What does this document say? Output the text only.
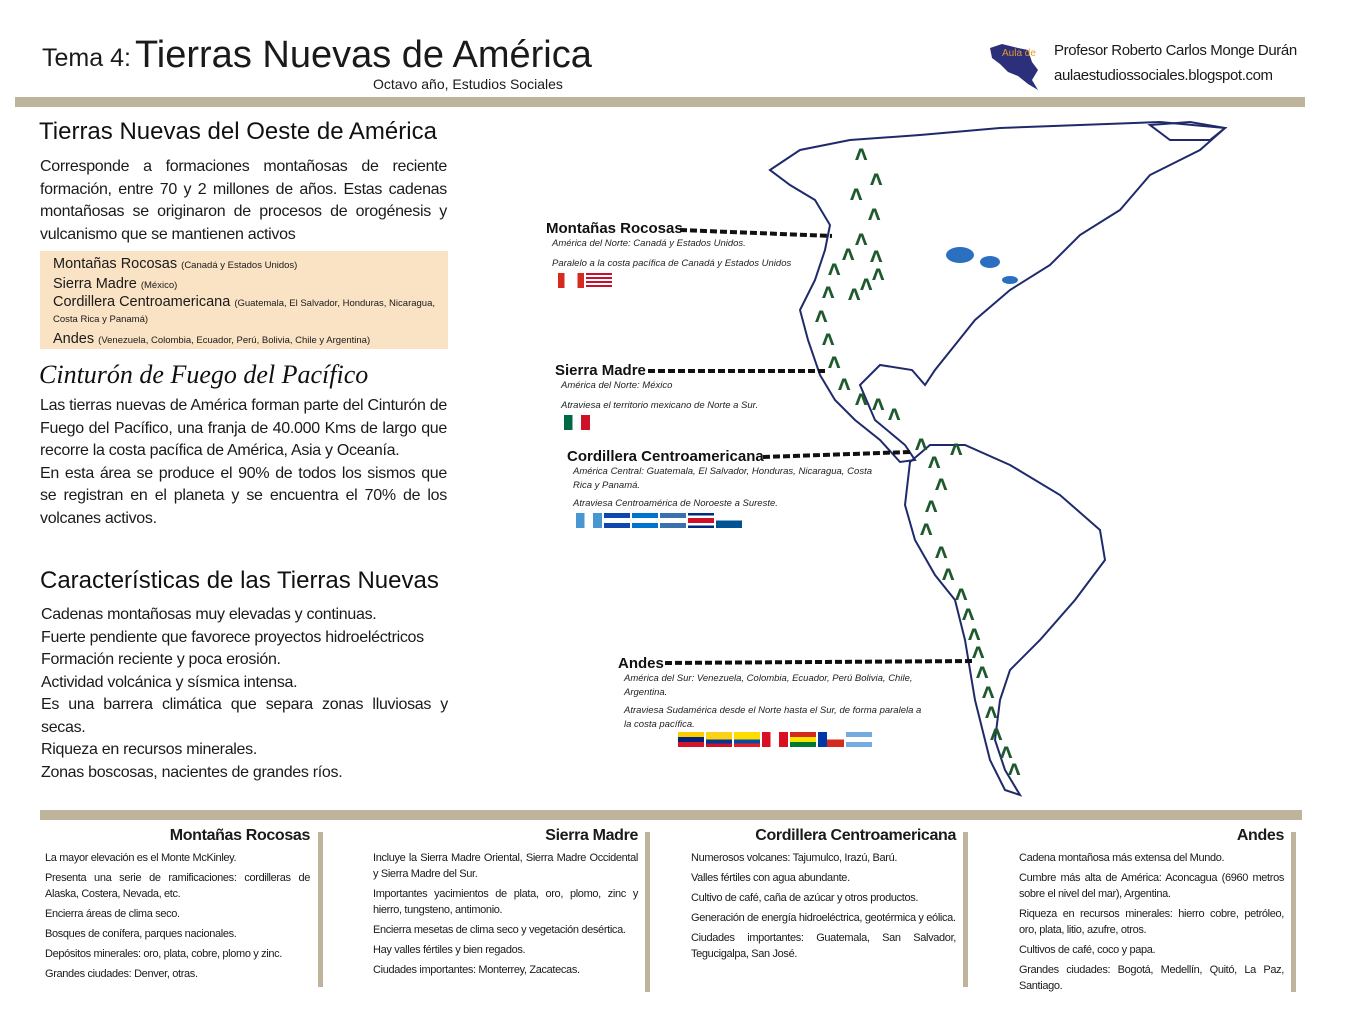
Tema 4: Tierras Nuevas de América
Octavo año, Estudios Sociales
Aula de Profesor Roberto Carlos Monge Durán
aulaestudiossociales.blogspot.com
Tierras Nuevas del Oeste de América
Corresponde a formaciones montañosas de reciente formación, entre 70 y 2 millones de años. Estas cadenas montañosas se originaron de procesos de orogénesis y vulcanismo que se mantienen activos
Montañas Rocosas (Canadá y Estados Unidos)
Sierra Madre (México)
Cordillera Centroamericana (Guatemala, El Salvador, Honduras, Nicaragua, Costa Rica y Panamá)
Andes (Venezuela, Colombia, Ecuador, Perú, Bolivia, Chile y Argentina)
Cinturón de Fuego del Pacífico
Las tierras nuevas de América forman parte del Cinturón de Fuego del Pacífico, una franja de 40.000 Kms de largo que recorre la costa pacífica de América, Asia y Oceanía.
En esta área se produce el 90% de todos los sismos que se registran en el planeta y se encuentra el 70% de los volcanes activos.
Características de las Tierras Nuevas
Cadenas montañosas muy elevadas y continuas.
Fuerte pendiente que favorece proyectos hidroeléctricos
Formación reciente y poca erosión.
Actividad volcánica y sísmica intensa.
Es una barrera climática que separa zonas lluviosas y secas.
Riqueza en recursos minerales.
Zonas boscosas, nacientes de grandes ríos.
Λ
Λ
Λ
Λ
Λ
Λ Λ
Λ
Λ Λ
Λ
Λ
Λ
Λ
Λ
Λ
Λ Λ
Λ
Λ
Λ
Λ
Λ
Λ
Λ
Λ
Λ
Λ
Λ
Λ
Λ
Λ
Λ
Λ
Λ
Λ
Λ
Montañas Rocosas
América del Norte: Canadá y Estados Unidos.
Paralelo a la costa pacífica de Canadá y Estados Unidos
Sierra Madre
América del Norte: México
Atraviesa el territorio mexicano de Norte a Sur.
Cordillera Centroamericana
América Central: Guatemala, El Salvador, Honduras, Nicaragua, Costa Rica y Panamá.
Atraviesa Centroamérica de Noroeste a Sureste.
Andes
América del Sur: Venezuela, Colombia, Ecuador, Perú Bolivia, Chile, Argentina.
Atraviesa Sudamérica desde el Norte hasta el Sur, de forma paralela a la costa pacífica.
Montañas Rocosas

La mayor elevación es el Monte McKinley.

Presenta una serie de ramificaciones: cordilleras de Alaska, Costera, Nevada, etc.

Encierra áreas de clima seco.

Bosques de conífera, parques nacionales.

Depósitos minerales: oro, plata, cobre, plomo y zinc.

Grandes ciudades: Denver, otras.

Sierra Madre

Incluye la Sierra Madre Oriental, Sierra Madre Occidental y Sierra Madre del Sur.

Importantes yacimientos de plata, oro, plomo, zinc y hierro, tungsteno, antimonio.

Encierra mesetas de clima seco y vegetación desértica.

Hay valles fértiles y bien regados.

Ciudades importantes: Monterrey, Zacatecas.

Cordillera Centroamericana

Numerosos volcanes: Tajumulco, Irazú, Barú.

Valles fértiles con agua abundante.

Cultivo de café, caña de azúcar y otros productos.

Generación de energía hidroeléctrica, geotérmica y eólica.

Ciudades importantes: Guatemala, San Salvador, Tegucigalpa, San José.

Andes

Cadena montañosa más extensa del Mundo.

Cumbre más alta de América: Aconcagua (6960 metros sobre el nivel del mar), Argentina.

Riqueza en recursos minerales: hierro cobre, petróleo, oro, plata, litio, azufre, otros.

Cultivos de café, coco y papa.

Grandes ciudades: Bogotá, Medellín, Quitó, La Paz, Santiago.
